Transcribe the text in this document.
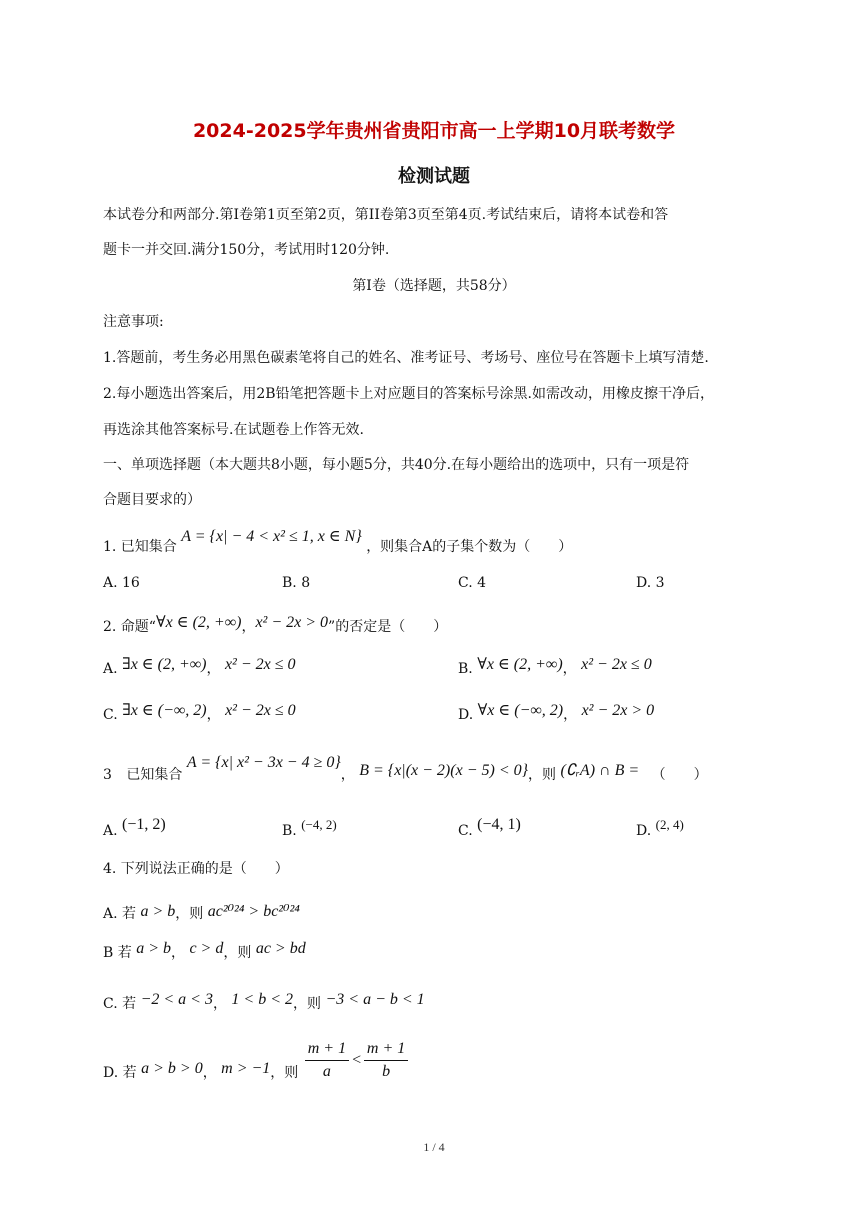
2024-2025学年贵州省贵阳市高一上学期10月联考数学
检测试题
本试卷分和两部分.第I卷第1页至第2页，第II卷第3页至第4页.考试结束后，请将本试卷和答
题卡一并交回.满分150分，考试用时120分钟.
第I卷（选择题，共58分）
注意事项:
1.答题前，考生务必用黑色碳素笔将自己的姓名、准考证号、考场号、座位号在答题卡上填写清楚.
2.每小题选出答案后，用2B铅笔把答题卡上对应题目的答案标号涂黑.如需改动，用橡皮擦干净后，
再选涂其他答案标号.在试题卷上作答无效.
一、单项选择题（本大题共8小题，每小题5分，共40分.在每小题给出的选项中，只有一项是符
合题目要求的）
1. 已知集合 A = {x| − 4 < x² ≤ 1, x ∈ N} ，则集合A的子集个数为（　　）
A. 16	B. 8	C. 4	D. 3
2. 命题“∀x ∈ (2, +∞)，x² − 2x > 0”的否定是（　　）
A. ∃x ∈ (2, +∞)， x² − 2x ≤ 0	B. ∀x ∈ (2, +∞)， x² − 2x ≤ 0
C. ∃x ∈ (−∞, 2)， x² − 2x ≤ 0	D. ∀x ∈ (−∞, 2)， x² − 2x > 0
3 已知集合 A = {x| x² − 3x − 4 ≥ 0}， B = {x|(x − 2)(x − 5) < 0}，则 (∁ᵣA) ∩ B = （　　）
A. (−1, 2)	B. (−4, 2)	C. (−4, 1)	D. (2, 4)
4. 下列说法正确的是（　　）
A. 若 a > b，则 ac²⁰²⁴ > bc²⁰²⁴
B 若 a > b， c > d，则 ac > bd
C. 若 −2 < a < 3， 1 < b < 2，则 −3 < a − b < 1
D. 若 a > b > 0， m > −1，则 $\frac{m + 1}{a} < \frac{m + 1}{b}$
1 / 4
